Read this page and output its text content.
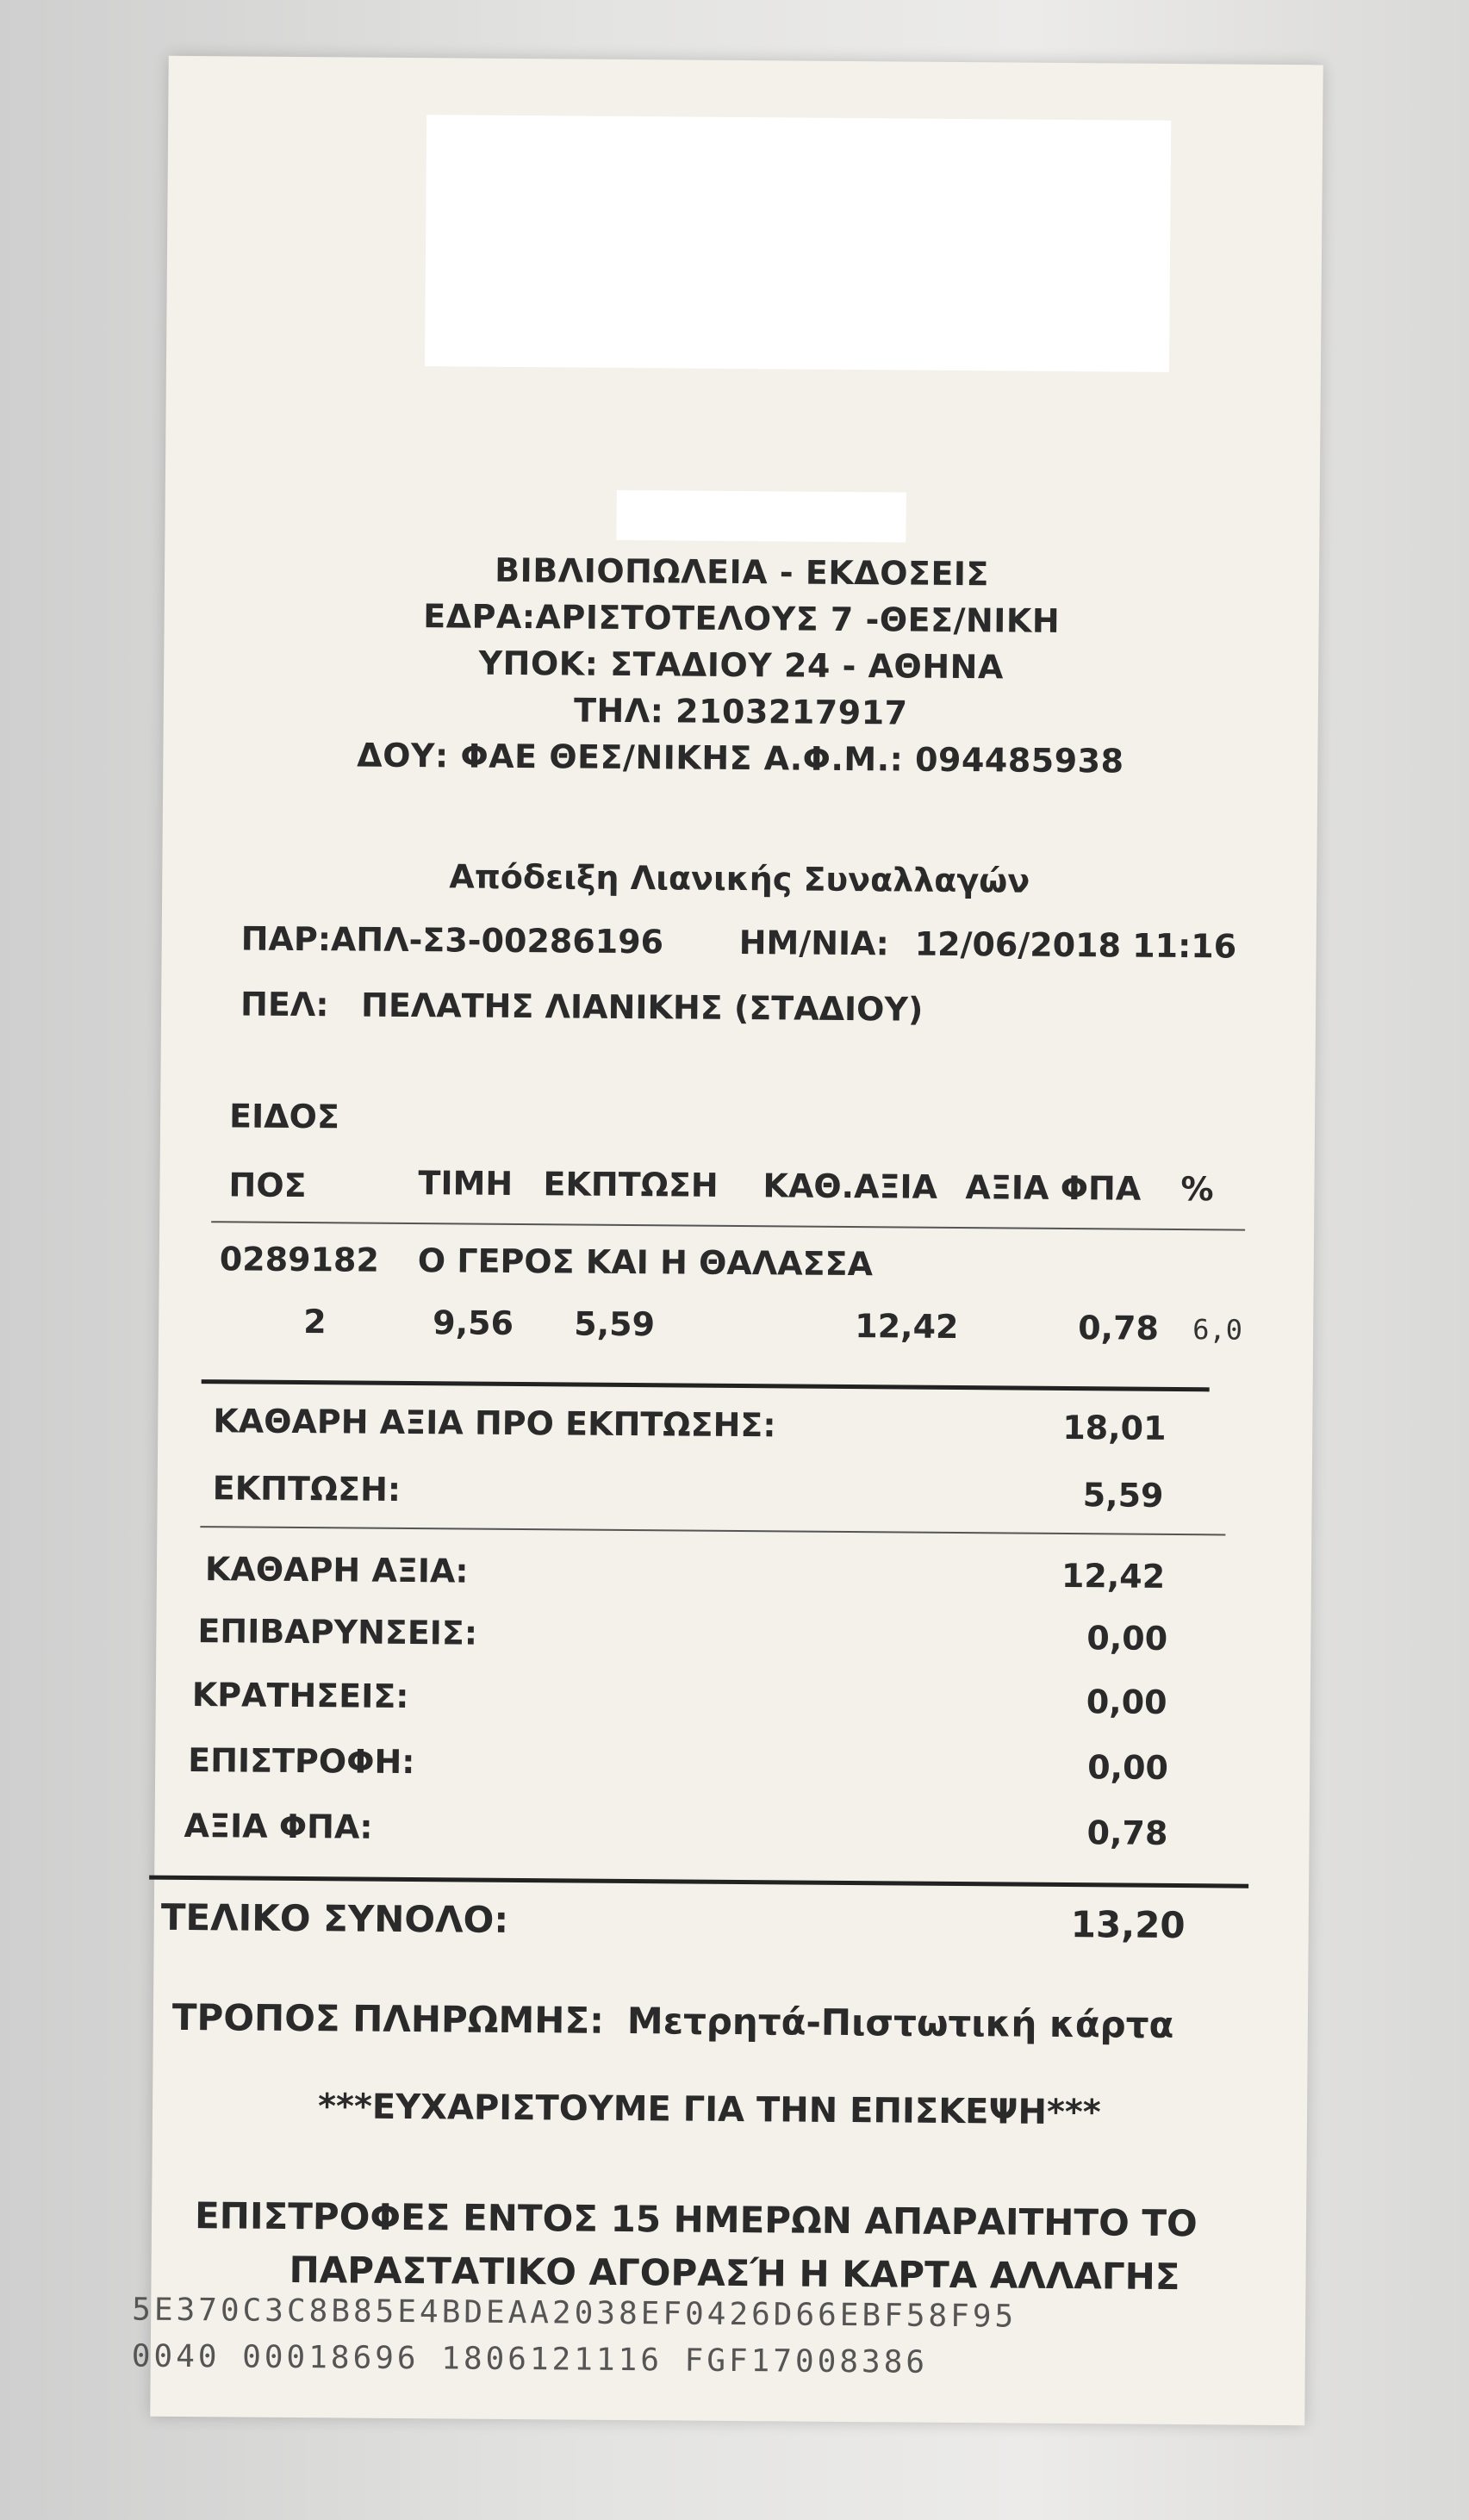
ΒΙΒΛΙΟΠΩΛΕΙΑ - ΕΚΔΟΣΕΙΣ
ΕΔΡΑ:ΑΡΙΣΤΟΤΕΛΟΥΣ 7 -ΘΕΣ/ΝΙΚΗ
ΥΠΟΚ: ΣΤΑΔΙΟΥ 24 - ΑΘΗΝΑ
ΤΗΛ: 2103217917
ΔΟΥ: ΦΑΕ ΘΕΣ/ΝΙΚΗΣ Α.Φ.Μ.: 094485938
Απόδειξη Λιανικής Συναλλαγών
ΠΑΡ:ΑΠΛ-Σ3-00286196 ΗΜ/ΝΙΑ: 12/06/2018 11:16
ΠΕΛ: ΠΕΛΑΤΗΣ ΛΙΑΝΙΚΗΣ (ΣΤΑΔΙΟΥ)
ΕΙΔΟΣ
ΠΟΣ	ΤΙΜΗ ΕΚΠΤΩΣΗ ΚΑΘ.ΑΞΙΑ ΑΞΙΑ ΦΠΑ %
0289182 Ο ΓΕΡΟΣ ΚΑΙ Η ΘΑΛΑΣΣΑ
2	9,56 5,59	12,42	0,78 6,0
ΚΑΘΑΡΗ ΑΞΙΑ ΠΡΟ ΕΚΠΤΩΣΗΣ:	18,01
ΕΚΠΤΩΣΗ:	5,59
ΚΑΘΑΡΗ ΑΞΙΑ:	12,42
ΕΠΙΒΑΡΥΝΣΕΙΣ:	0,00
ΚΡΑΤΗΣΕΙΣ:	0,00
ΕΠΙΣΤΡΟΦΗ:	0,00
ΑΞΙΑ ΦΠΑ:	0,78
ΤΕΛΙΚΟ ΣΥΝΟΛΟ:	13,20
ΤΡΟΠΟΣ ΠΛΗΡΩΜΗΣ: Μετρητά-Πιστωτική κάρτα
***ΕΥΧΑΡΙΣΤΟΥΜΕ ΓΙΑ ΤΗΝ ΕΠΙΣΚΕΨΗ***
ΕΠΙΣΤΡΟΦΕΣ ΕΝΤΟΣ 15 ΗΜΕΡΩΝ ΑΠΑΡΑΙΤΗΤΟ ΤΟ
ΠΑΡΑΣΤΑΤΙΚΟ ΑΓΟΡΑΣΉ Η ΚΑΡΤΑ ΑΛΛΑΓΗΣ
5E370C3C8B85E4BDEAA2038EF0426D66EBF58F95
0040 00018696 1806121116 FGF17008386
